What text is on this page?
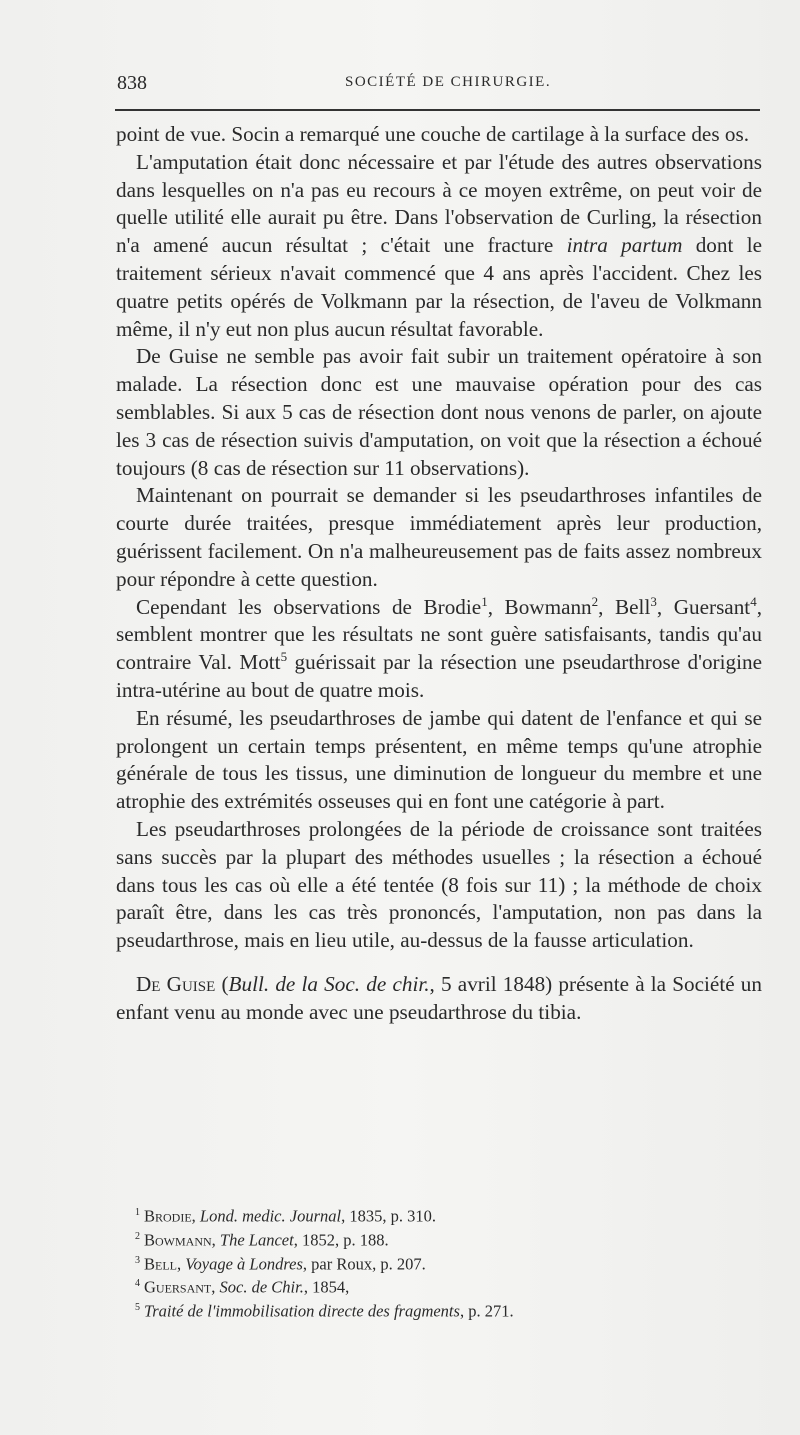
838	SOCIÉTÉ DE CHIRURGIE.

point de vue. Socin a remarqué une couche de cartilage à la surface des os.

L'amputation était donc nécessaire et par l'étude des autres observations dans lesquelles on n'a pas eu recours à ce moyen extrême, on peut voir de quelle utilité elle aurait pu être. Dans l'observation de Curling, la résection n'a amené aucun résultat ; c'était une fracture intra partum dont le traitement sérieux n'avait commencé que 4 ans après l'accident. Chez les quatre petits opérés de Volkmann par la résection, de l'aveu de Volkmann même, il n'y eut non plus aucun résultat favorable.

De Guise ne semble pas avoir fait subir un traitement opératoire à son malade. La résection donc est une mauvaise opération pour des cas semblables. Si aux 5 cas de résection dont nous venons de parler, on ajoute les 3 cas de résection suivis d'amputation, on voit que la résection a échoué toujours (8 cas de résection sur 11 observations).

Maintenant on pourrait se demander si les pseudarthroses infantiles de courte durée traitées, presque immédiatement après leur production, guérissent facilement. On n'a malheureusement pas de faits assez nombreux pour répondre à cette question.

Cependant les observations de Brodie$^1$, Bowmann$^2$, Bell$^3$, Guersant$^4$, semblent montrer que les résultats ne sont guère satisfaisants, tandis qu'au contraire Val. Mott$^5$ guérissait par la résection une pseudarthrose d'origine intra-utérine au bout de quatre mois.

En résumé, les pseudarthroses de jambe qui datent de l'enfance et qui se prolongent un certain temps présentent, en même temps qu'une atrophie générale de tous les tissus, une diminution de longueur du membre et une atrophie des extrémités osseuses qui en font une catégorie à part.

Les pseudarthroses prolongées de la période de croissance sont traitées sans succès par la plupart des méthodes usuelles ; la résection a échoué dans tous les cas où elle a été tentée (8 fois sur 11) ; la méthode de choix paraît être, dans les cas très prononcés, l'amputation, non pas dans la pseudarthrose, mais en lieu utile, au-dessus de la fausse articulation.

De Guise (Bull. de la Soc. de chir., 5 avril 1848) présente à la Société un enfant venu au monde avec une pseudarthrose du tibia.

$^1$ Brodie, Lond. medic. Journal, 1835, p. 310.

$^2$ Bowmann, The Lancet, 1852, p. 188.

$^3$ Bell, Voyage à Londres, par Roux, p. 207.

$^4$ Guersant, Soc. de Chir., 1854,

$^5$ Traité de l'immobilisation directe des fragments, p. 271.
